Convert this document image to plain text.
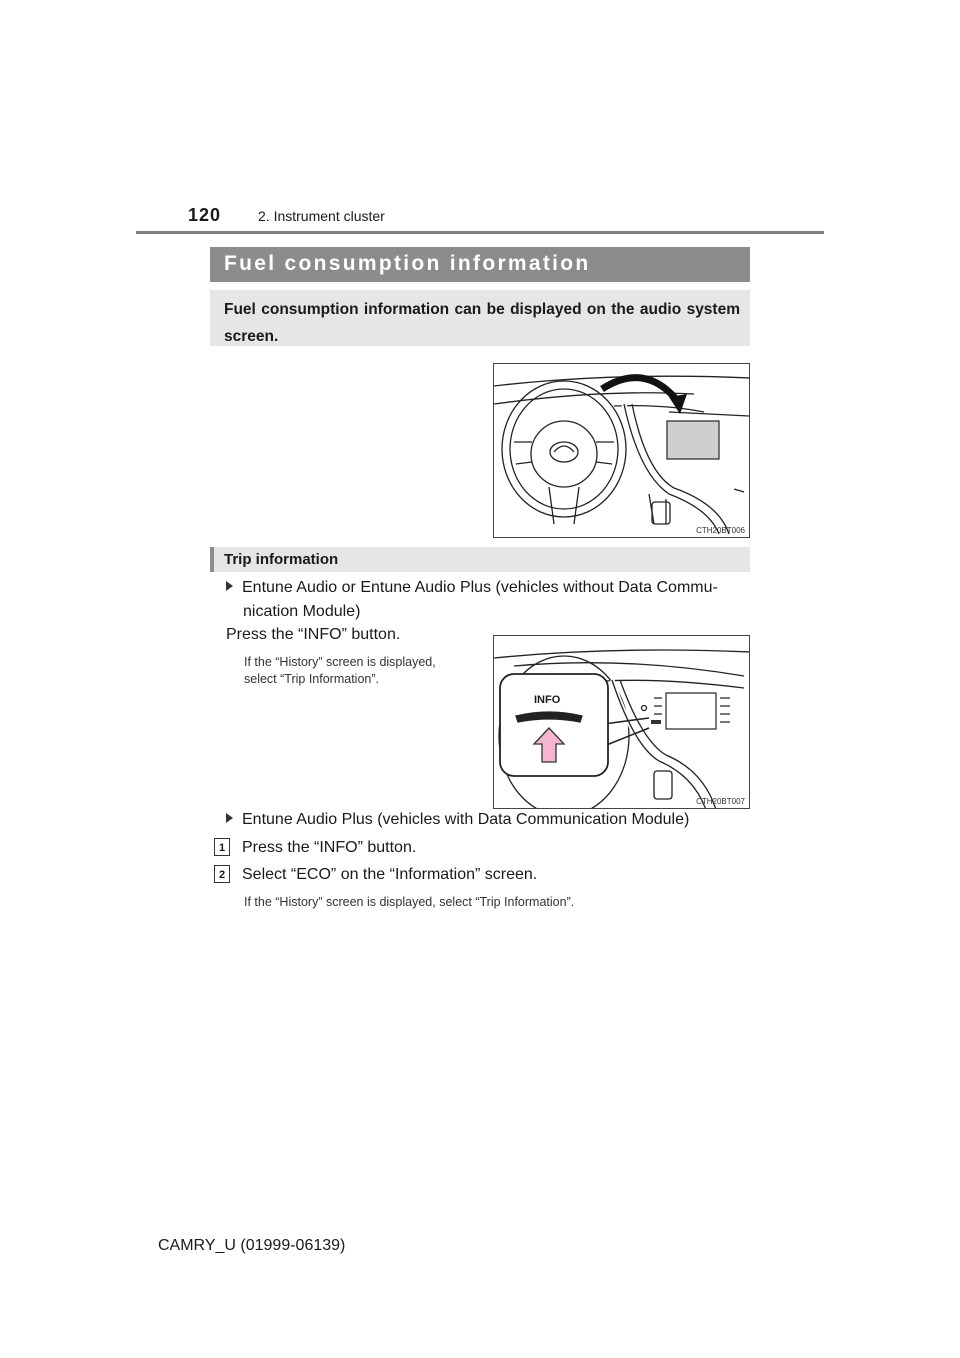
120	2. Instrument cluster
Fuel consumption information

Fuel consumption information can be displayed on the audio system screen.

CTH20BT006
Trip information
Entune Audio or Entune Audio Plus (vehicles without Data Commu-
nication Module)
Press the “INFO” button.
If the “History” screen is displayed,
select “Trip Information”.
INFO
CTH20BT007
Entune Audio Plus (vehicles with Data Communication Module)
1 Press the “INFO” button.
2 Select “ECO” on the “Information” screen.
If the “History” screen is displayed, select “Trip Information”.
CAMRY_U (01999-06139)
